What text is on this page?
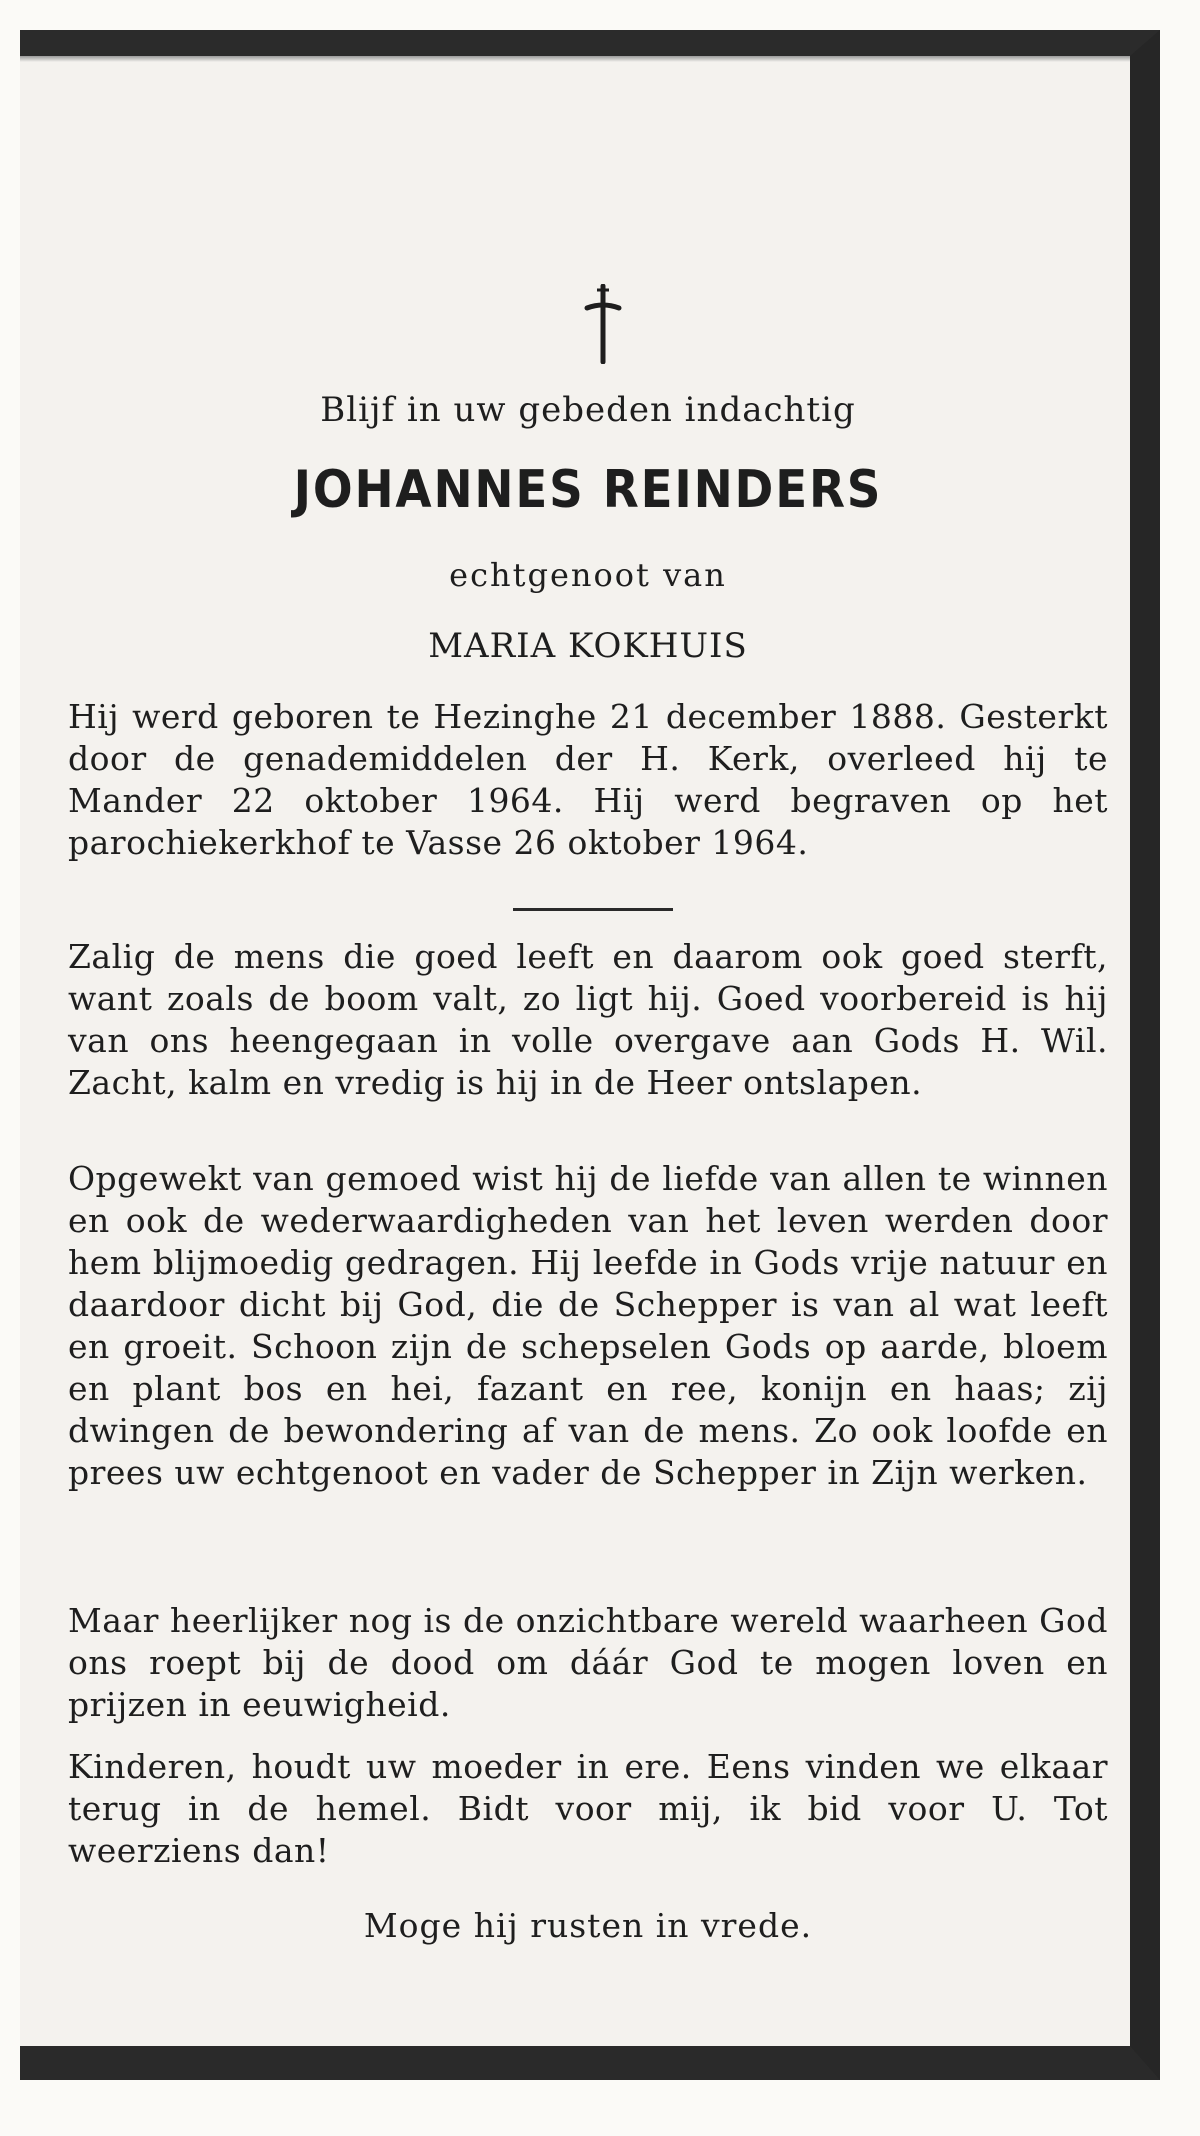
Blijf in uw gebeden indachtig
JOHANNES REINDERS
echtgenoot van
MARIA KOKHUIS
Hij werd geboren te Hezinghe 21 december 1888. Gesterkt door de genademiddelen der H. Kerk, overleed hij te Mander 22 oktober 1964. Hij werd begraven op het parochiekerkhof te Vasse 26 oktober 1964.
Zalig de mens die goed leeft en daarom ook goed sterft, want zoals de boom valt, zo ligt hij. Goed voorbereid is hij van ons heengegaan in volle overgave aan Gods H. Wil. Zacht, kalm en vredig is hij in de Heer ontslapen.
Opgewekt van gemoed wist hij de liefde van allen te winnen en ook de wederwaardigheden van het leven werden door hem blijmoedig gedragen. Hij leefde in Gods vrije natuur en daardoor dicht bij God, die de Schepper is van al wat leeft en groeit. Schoon zijn de schepselen Gods op aarde, bloem en plant bos en hei, fazant en ree, konijn en haas; zij dwingen de bewondering af van de mens. Zo ook loofde en prees uw echtgenoot en vader de Schepper in Zijn werken.
Maar heerlijker nog is de onzichtbare wereld waarheen God ons roept bij de dood om dáár God te mogen loven en prijzen in eeuwigheid.
Kinderen, houdt uw moeder in ere. Eens vinden we elkaar terug in de hemel. Bidt voor mij, ik bid voor U. Tot weerziens dan!
Moge hij rusten in vrede.
